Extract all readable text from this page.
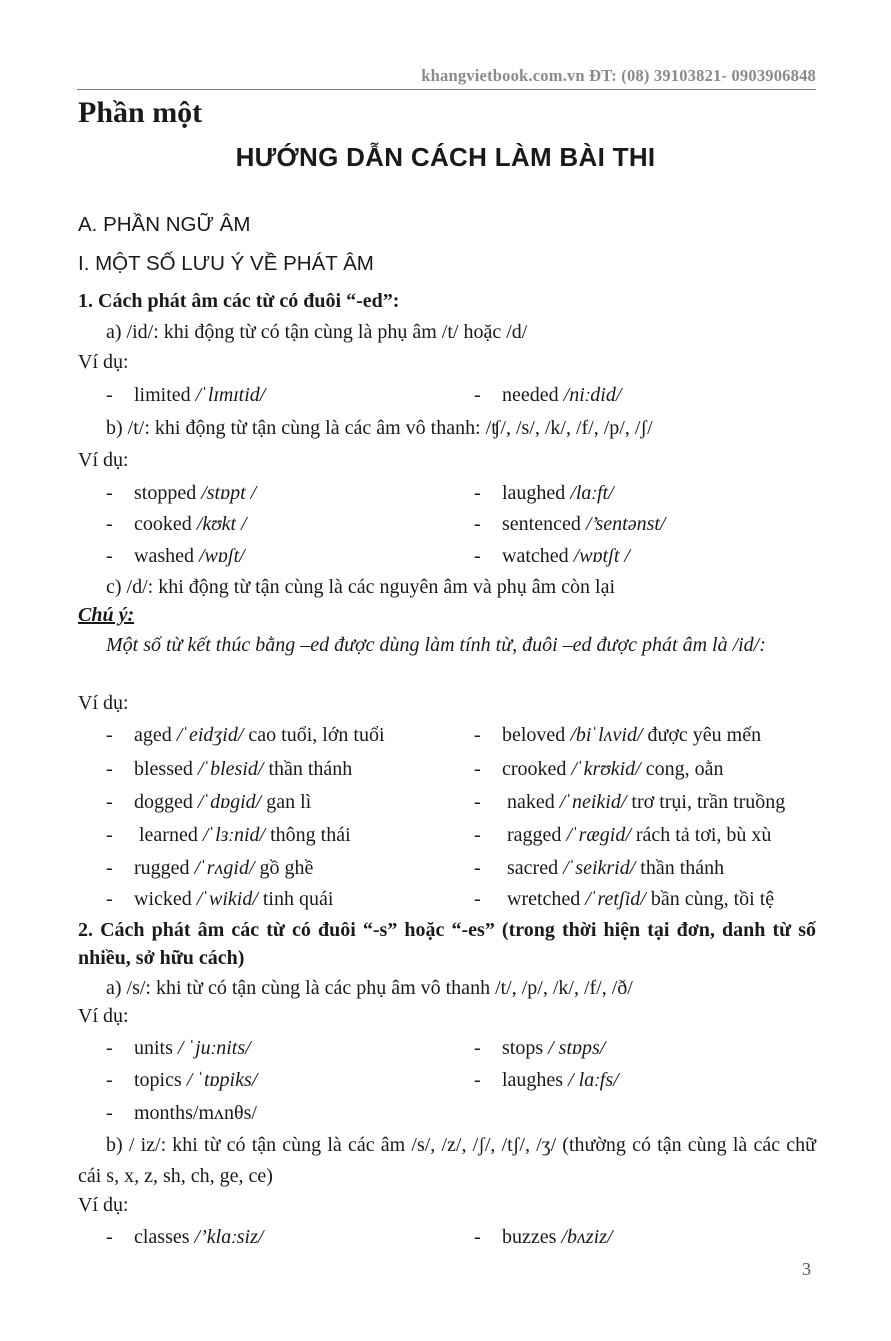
khangvietbook.com.vn ĐT: (08) 39103821- 0903906848
Phần một
HƯỚNG DẪN CÁCH LÀM BÀI THI
A. PHẦN NGỮ ÂM
I. MỘT SỐ LƯU Ý VỀ PHÁT ÂM
1. Cách phát âm các từ có đuôi “-ed”:
a) /id/: khi động từ có tận cùng là phụ âm /t/ hoặc /d/
Ví dụ:
- limited /ˈlɪmɪtid/	- needed /niːdid/
b) /t/: khi động từ tận cùng là các âm vô thanh: /ʧ/, /s/, /k/, /f/, /p/, /ʃ/
Ví dụ:
- stopped /stɒpt /	- laughed /lɑːft/
- cooked /kʊkt /	- sentenced /’sentənst/
- washed /wɒʃt/	- watched /wɒtʃt /
c) /d/: khi động từ tận cùng là các nguyên âm và phụ âm còn lại
Chú ý:
Một số từ kết thúc bằng –ed được dùng làm tính từ, đuôi –ed được phát âm là /id/:
Ví dụ:
- aged /ˈeidʒid/ cao tuổi, lớn tuổi	- beloved /biˈlʌvid/ được yêu mến
- blessed /ˈblesid/ thần thánh	- crooked /ˈkrʊkid/ cong, oằn
- dogged /ˈdɒgid/ gan lì	- naked /ˈneikid/ trơ trụi, trần truồng
- learned /ˈlɜːnid/ thông thái	- ragged /ˈrægid/ rách tả tơi, bù xù
- rugged /ˈrʌgid/ gồ ghề	- sacred /ˈseikrid/ thần thánh
- wicked /ˈwikid/ tinh quái	- wretched /ˈretʃid/ bần cùng, tồi tệ
2. Cách phát âm các từ có đuôi “-s” hoặc “-es” (trong thời hiện tại đơn, danh từ số nhiều, sở hữu cách)
a) /s/: khi từ có tận cùng là các phụ âm vô thanh /t/, /p/, /k/, /f/, /ð/
Ví dụ:
- units / ˈjuːnits/	- stops / stɒps/
- topics / ˈtɒpiks/	- laughes / lɑːfs/
- months/mʌnθs/
b) / iz/: khi từ có tận cùng là các âm /s/, /z/, /ʃ/, /tʃ/, /ʒ/ (thường có tận cùng là các chữ cái s, x, z, sh, ch, ge, ce)
Ví dụ:
- classes /’klɑːsiz/	- buzzes /bʌziz/
3
